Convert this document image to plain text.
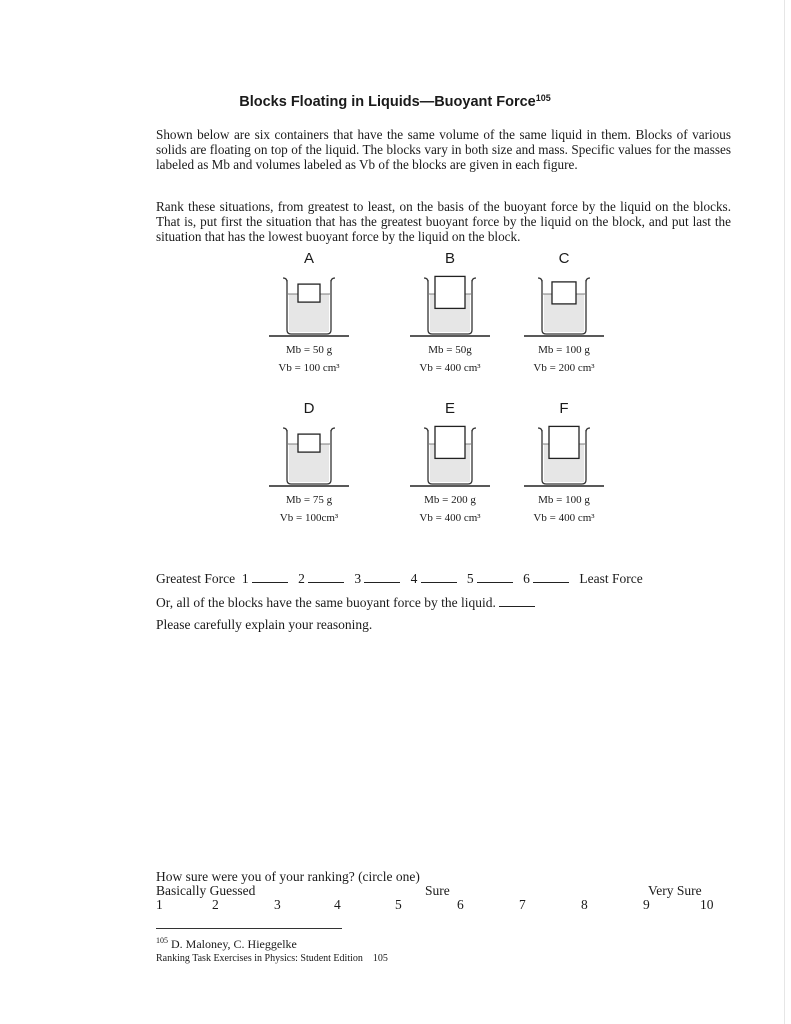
Blocks Floating in Liquids—Buoyant Force$^{105}$
Shown below are six containers that have the same volume of the same liquid in them. Blocks of various solids are floating on top of the liquid. The blocks vary in both size and mass. Specific values for the masses labeled as Mb and volumes labeled as Vb of the blocks are given in each figure.
Rank these situations, from greatest to least, on the basis of the buoyant force by the liquid on the blocks. That is, put first the situation that has the greatest buoyant force by the liquid on the block, and put last the situation that has the lowest buoyant force by the liquid on the block.
A
Mb = 50 g
Vb = 100 cm³
B
Mb = 50g
Vb = 400 cm³
C
Mb = 100 g
Vb = 200 cm³
D
Mb = 75 g
Vb = 100cm³
E
Mb = 200 g
Vb = 400 cm³
F
Mb = 100 g
Vb = 400 cm³
Greatest Force 1	2	3	4	5	6	Least Force
Or, all of the blocks have the same buoyant force by the liquid.
Please carefully explain your reasoning.
How sure were you of your ranking? (circle one)
Basically Guessed	Sure	Very Sure
1	2	3	4	5	6	7	8	9	10
$^{105}$ D. Maloney, C. Hieggelke
Ranking Task Exercises in Physics: Student Edition 105
